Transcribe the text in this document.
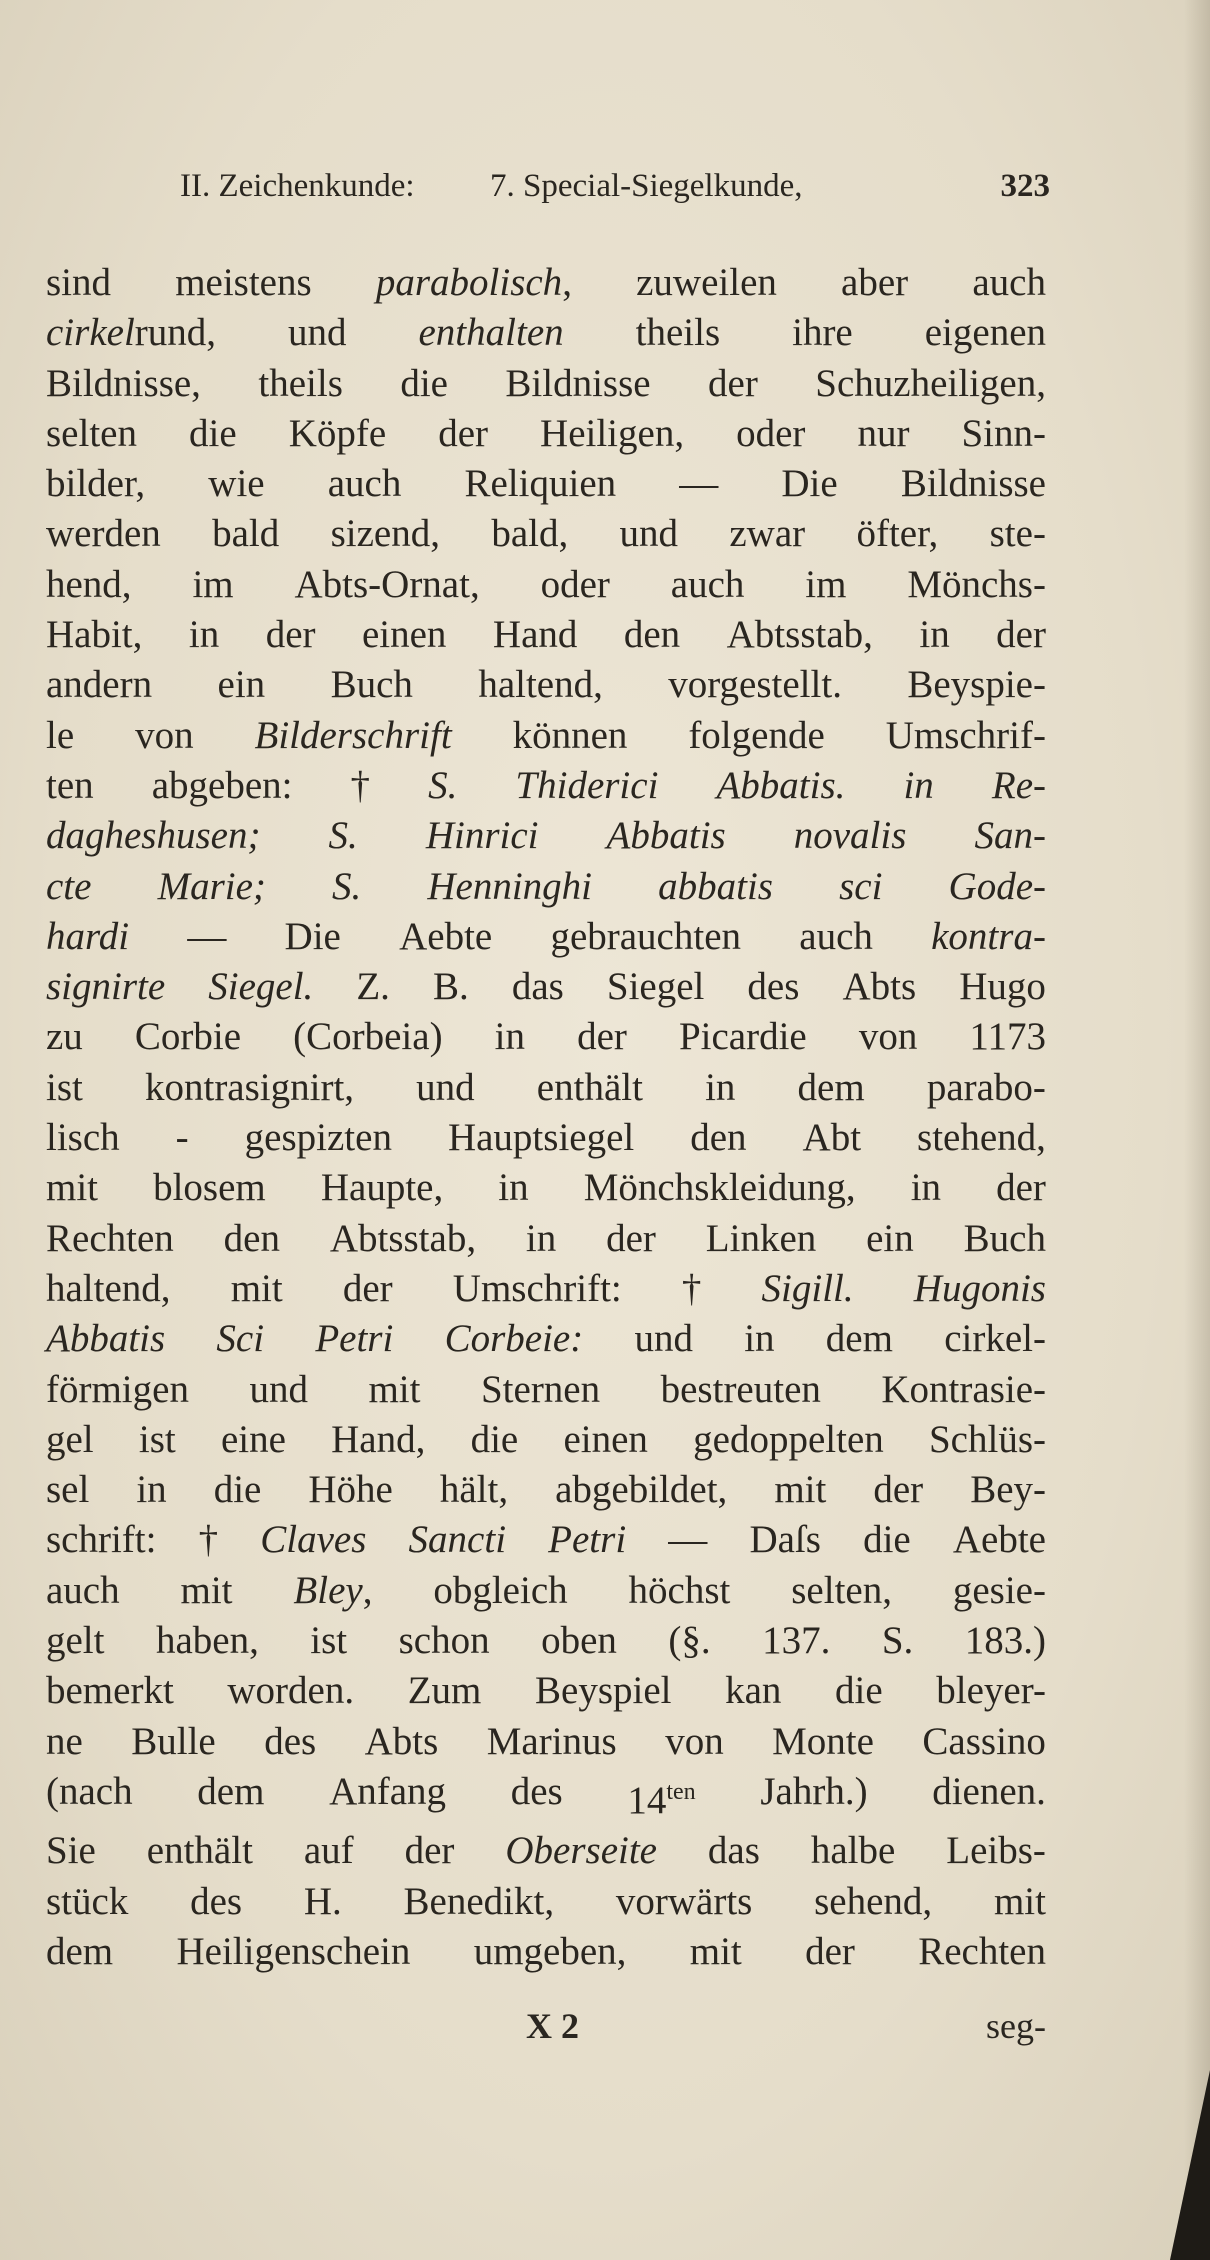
II. Zeichenkunde:	7. Special-Siegelkunde,	323
sind meistens parabolisch, zuweilen aber auch
cirkelrund, und enthalten theils ihre eigenen
Bildnisse, theils die Bildnisse der Schuzheiligen,
selten die Köpfe der Heiligen, oder nur Sinn-
bilder, wie auch Reliquien — Die Bildnisse
werden bald sizend, bald, und zwar öfter, ste-
hend, im Abts-Ornat, oder auch im Mönchs-
Habit, in der einen Hand den Abtsstab, in der
andern ein Buch haltend, vorgestellt. Beyspie-
le von Bilderschrift können folgende Umschrif-
ten abgeben: † S. Thiderici Abbatis. in Re-
dagheshusen; S. Hinrici Abbatis novalis San-
cte Marie; S. Henninghi abbatis sci Gode-
hardi — Die Aebte gebrauchten auch kontra-
signirte Siegel. Z. B. das Siegel des Abts Hugo
zu Corbie (Corbeia) in der Picardie von 1173
ist kontrasignirt, und enthält in dem parabo-
lisch - gespizten Hauptsiegel den Abt stehend,
mit blosem Haupte, in Mönchskleidung, in der
Rechten den Abtsstab, in der Linken ein Buch
haltend, mit der Umschrift: † Sigill. Hugonis
Abbatis Sci Petri Corbeie: und in dem cirkel-
förmigen und mit Sternen bestreuten Kontrasie-
gel ist eine Hand, die einen gedoppelten Schlüs-
sel in die Höhe hält, abgebildet, mit der Bey-
schrift: † Claves Sancti Petri — Daſs die Aebte
auch mit Bley, obgleich höchst selten, gesie-
gelt haben, ist schon oben (§. 137. S. 183.)
bemerkt worden. Zum Beyspiel kan die bleyer-
ne Bulle des Abts Marinus von Monte Cassino
(nach dem Anfang des $14^{ten}$ Jahrh.) dienen.
Sie enthält auf der Oberseite das halbe Leibs-
stück des H. Benedikt, vorwärts sehend, mit
dem Heiligenschein umgeben, mit der Rechten
X 2	seg-
